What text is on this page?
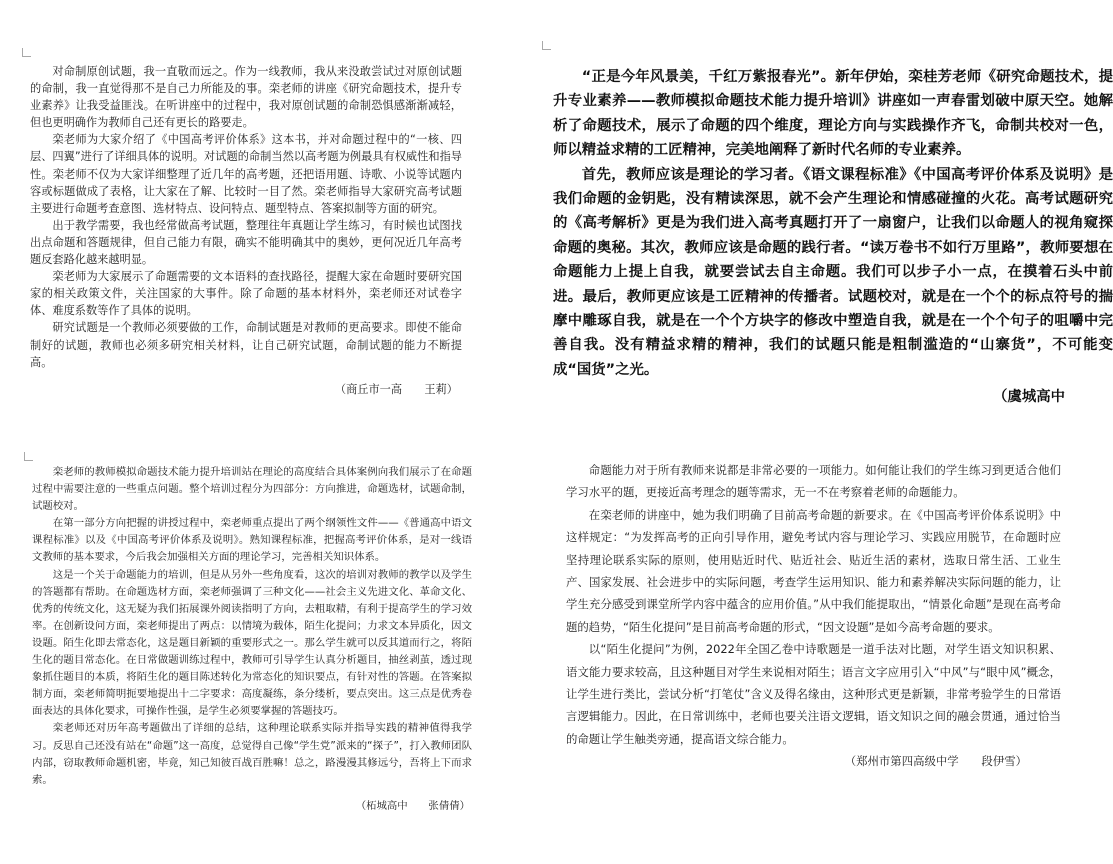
对命制原创试题，我一直敬而远之。作为一线教师，我从来没敢尝试过对原创试题的命制，我一直觉得那不是自己力所能及的事。栾老师的讲座《研究命题技术，提升专业素养》让我受益匪浅。在听讲座中的过程中，我对原创试题的命制恐惧感渐渐减轻，但也更明确作为教师自己还有更长的路要走。

栾老师为大家介绍了《中国高考评价体系》这本书，并对命题过程中的“一核、四层、四翼”进行了详细具体的说明。对试题的命制当然以高考题为例最具有权威性和指导性。栾老师不仅为大家详细整理了近几年的高考题，还把语用题、诗歌、小说等试题内容或标题做成了表格，让大家在了解、比较时一目了然。栾老师指导大家研究高考试题主要进行命题考查意图、选材特点、设问特点、题型特点、答案拟制等方面的研究。

出于教学需要，我也经常做高考试题，整理往年真题让学生练习，有时候也试图找出点命题和答题规律，但自己能力有限，确实不能明确其中的奥妙，更何况近几年高考题反套路化越来越明显。

栾老师为大家展示了命题需要的文本语料的查找路径，提醒大家在命题时要研究国家的相关政策文件，关注国家的大事件。除了命题的基本材料外，栾老师还对试卷字体、难度系数等作了具体的说明。

研究试题是一个教师必须要做的工作，命制试题是对教师的更高要求。即使不能命制好的试题，教师也必须多研究相关材料，让自己研究试题，命制试题的能力不断提高。

（商丘市一高　　王莉）

“正是今年风景美，千红万紫报春光”。新年伊始，栾桂芳老师《研究命题技术，提升专业素养——教师模拟命题技术能力提升培训》讲座如一声春雷划破中原天空。她解析了命题技术，展示了命题的四个维度，理论方向与实践操作齐飞，命制共校对一色，师以精益求精的工匠精神，完美地阐释了新时代名师的专业素养。

首先，教师应该是理论的学习者。《语文课程标准》《中国高考评价体系及说明》是我们命题的金钥匙，没有精读深思，就不会产生理论和情感碰撞的火花。高考试题研究的《高考解析》更是为我们进入高考真题打开了一扇窗户，让我们以命题人的视角窥探命题的奥秘。其次，教师应该是命题的践行者。“读万卷书不如行万里路”，教师要想在命题能力上提上自我，就要尝试去自主命题。我们可以步子小一点，在摸着石头中前进。最后，教师更应该是工匠精神的传播者。试题校对，就是在一个个的标点符号的揣摩中雕琢自我，就是在一个个方块字的修改中塑造自我，就是在一个个句子的咀嚼中完善自我。没有精益求精的精神，我们的试题只能是粗制滥造的“山寨货”，不可能变成“国货”之光。

（虞城高中

栾老师的教师模拟命题技术能力提升培训站在理论的高度结合具体案例向我们展示了在命题过程中需要注意的一些重点问题。整个培训过程分为四部分：方向推进，命题选材，试题命制，试题校对。

在第一部分方向把握的讲授过程中，栾老师重点提出了两个纲领性文件——《普通高中语文课程标准》以及《中国高考评价体系及说明》。熟知课程标准，把握高考评价体系，是对一线语文教师的基本要求，今后我会加强相关方面的理论学习，完善相关知识体系。

这是一个关于命题能力的培训，但是从另外一些角度看，这次的培训对教师的教学以及学生的答题都有帮助。在命题选材方面，栾老师强调了三种文化——社会主义先进文化、革命文化、优秀的传统文化，这无疑为我们拓展课外阅读指明了方向，去粗取精，有利于提高学生的学习效率。在创新设问方面，栾老师提出了两点：以情境为载体，陌生化提问；力求文本异质化，因文设题。陌生化即去常态化，这是题目新颖的重要形式之一。那么学生就可以反其道而行之，将陌生化的题目常态化。在日常做题训练过程中，教师可引导学生认真分析题目，抽丝剥茧，透过现象抓住题目的本质，将陌生化的题目陈述转化为常态化的知识要点，有针对性的答题。在答案拟制方面，栾老师简明扼要地提出十二字要求：高度凝练，条分缕析，要点突出。这三点是优秀卷面表达的具体化要求，可操作性强，是学生必须要掌握的答题技巧。

栾老师还对历年高考题做出了详细的总结，这种理论联系实际并指导实践的精神值得我学习。反思自己还没有站在“命题”这一高度，总觉得自己像“学生党”派来的“探子”，打入教师团队内部，窃取教师命题机密，毕竟，知己知彼百战百胜嘛！总之，路漫漫其修远兮，吾将上下而求索。

（柘城高中　　张倩倩）

命题能力对于所有教师来说都是非常必要的一项能力。如何能让我们的学生练习到更适合他们学习水平的题，更接近高考理念的题等需求，无一不在考察着老师的命题能力。

在栾老师的讲座中，她为我们明确了目前高考命题的新要求。在《中国高考评价体系说明》中这样规定：“为发挥高考的正向引导作用，避免考试内容与理论学习、实践应用脱节，在命题时应坚持理论联系实际的原则，使用贴近时代、贴近社会、贴近生活的素材，选取日常生活、工业生产、国家发展、社会进步中的实际问题，考查学生运用知识、能力和素养解决实际问题的能力，让学生充分感受到课堂所学内容中蕴含的应用价值。”从中我们能提取出，“情景化命题”是现在高考命题的趋势，“陌生化提问”是目前高考命题的形式，“因文设题”是如今高考命题的要求。

以“陌生化提问”为例，2022年全国乙卷中诗歌题是一道手法对比题，对学生语文知识积累、语文能力要求较高，且这种题目对学生来说相对陌生；语言文字应用引入“中风”与“眼中风”概念，让学生进行类比，尝试分析“打笔仗”含义及得名缘由，这种形式更是新颖，非常考验学生的日常语言逻辑能力。因此，在日常训练中，老师也要关注语文逻辑，语文知识之间的融会贯通，通过恰当的命题让学生触类旁通，提高语文综合能力。

（郑州市第四高级中学　　段伊雪）
